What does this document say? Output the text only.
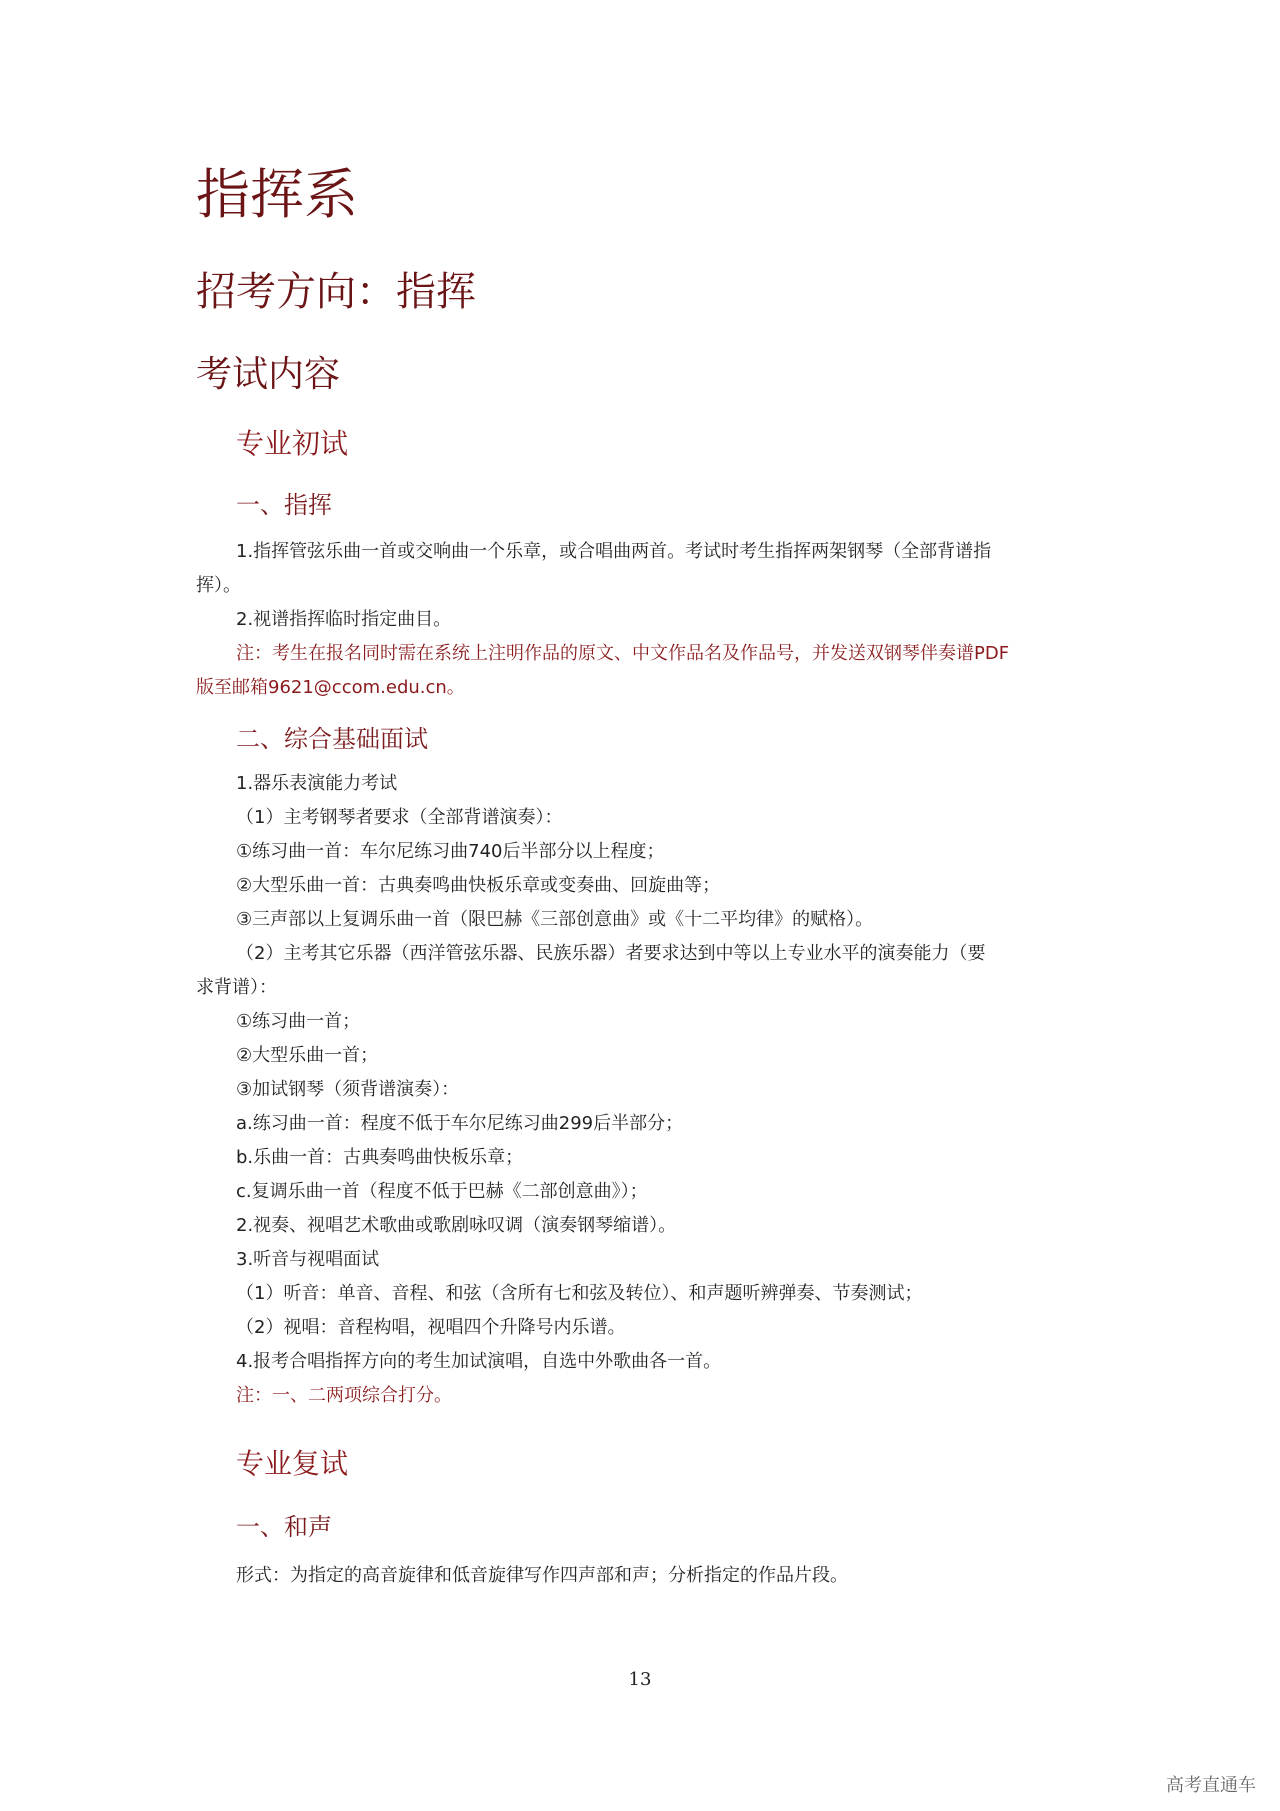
指挥系
招考方向：指挥
考试内容
专业初试
一、指挥
1.指挥管弦乐曲一首或交响曲一个乐章，或合唱曲两首。考试时考生指挥两架钢琴（全部背谱指
挥）。
2.视谱指挥临时指定曲目。
注：考生在报名同时需在系统上注明作品的原文、中文作品名及作品号，并发送双钢琴伴奏谱PDF
版至邮箱9621@ccom.edu.cn。
二、综合基础面试
1.器乐表演能力考试
（1）主考钢琴者要求（全部背谱演奏）：
①练习曲一首：车尔尼练习曲740后半部分以上程度；
②大型乐曲一首：古典奏鸣曲快板乐章或变奏曲、回旋曲等；
③三声部以上复调乐曲一首（限巴赫《三部创意曲》或《十二平均律》的赋格）。
（2）主考其它乐器（西洋管弦乐器、民族乐器）者要求达到中等以上专业水平的演奏能力（要
求背谱）：
①练习曲一首；
②大型乐曲一首；
③加试钢琴（须背谱演奏）：
a.练习曲一首：程度不低于车尔尼练习曲299后半部分；
b.乐曲一首：古典奏鸣曲快板乐章；
c.复调乐曲一首（程度不低于巴赫《二部创意曲》）；
2.视奏、视唱艺术歌曲或歌剧咏叹调（演奏钢琴缩谱）。
3.听音与视唱面试
（1）听音：单音、音程、和弦（含所有七和弦及转位）、和声题听辨弹奏、节奏测试；
（2）视唱：音程构唱，视唱四个升降号内乐谱。
4.报考合唱指挥方向的考生加试演唱，自选中外歌曲各一首。
注：一、二两项综合打分。
专业复试
一、和声
形式：为指定的高音旋律和低音旋律写作四声部和声；分析指定的作品片段。
13
高考直通车
